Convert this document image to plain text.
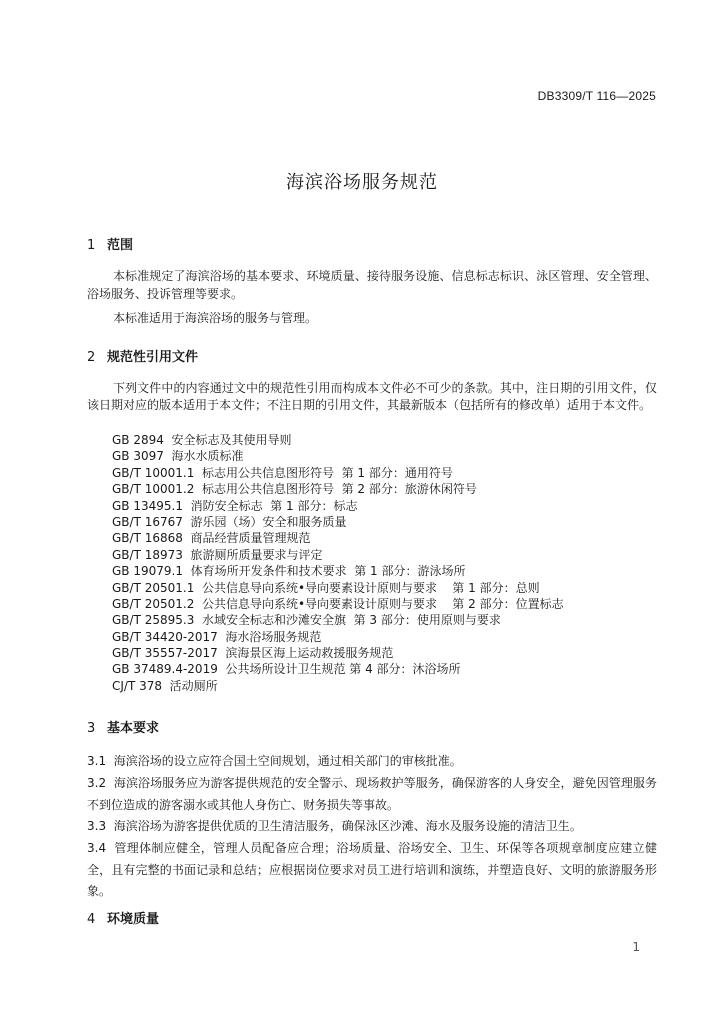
DB3309/T 116—2025
海滨浴场服务规范
1 范围
本标准规定了海滨浴场的基本要求、环境质量、接待服务设施、信息标志标识、泳区管理、安全管理、浴场服务、投诉管理等要求。
本标准适用于海滨浴场的服务与管理。
2 规范性引用文件
下列文件中的内容通过文中的规范性引用而构成本文件必不可少的条款。其中，注日期的引用文件，仅该日期对应的版本适用于本文件；不注日期的引用文件，其最新版本（包括所有的修改单）适用于本文件。
GB 2894  安全标志及其使用导则
GB 3097  海水水质标准
GB/T 10001.1  标志用公共信息图形符号  第 1 部分：通用符号
GB/T 10001.2  标志用公共信息图形符号  第 2 部分：旅游休闲符号
GB 13495.1  消防安全标志  第 1 部分：标志
GB/T 16767  游乐园（场）安全和服务质量
GB/T 16868  商品经营质量管理规范
GB/T 18973  旅游厕所质量要求与评定
GB 19079.1  体育场所开发条件和技术要求  第 1 部分：游泳场所
GB/T 20501.1  公共信息导向系统•导向要素设计原则与要求    第 1 部分：总则
GB/T 20501.2  公共信息导向系统•导向要素设计原则与要求    第 2 部分：位置标志
GB/T 25895.3  水域安全标志和沙滩安全旗  第 3 部分：使用原则与要求
GB/T 34420-2017  海水浴场服务规范
GB/T 35557-2017  滨海景区海上运动救援服务规范
GB 37489.4-2019  公共场所设计卫生规范 第 4 部分：沐浴场所
CJ/T 378  活动厕所
3 基本要求
3.1 海滨浴场的设立应符合国土空间规划，通过相关部门的审核批准。
3.2 海滨浴场服务应为游客提供规范的安全警示、现场救护等服务，确保游客的人身安全，避免因管理服务不到位造成的游客溺水或其他人身伤亡、财务损失等事故。
3.3 海滨浴场为游客提供优质的卫生清洁服务，确保泳区沙滩、海水及服务设施的清洁卫生。
3.4 管理体制应健全，管理人员配备应合理；浴场质量、浴场安全、卫生、环保等各项规章制度应建立健全，且有完整的书面记录和总结；应根据岗位要求对员工进行培训和演练，并塑造良好、文明的旅游服务形象。
4 环境质量
1
